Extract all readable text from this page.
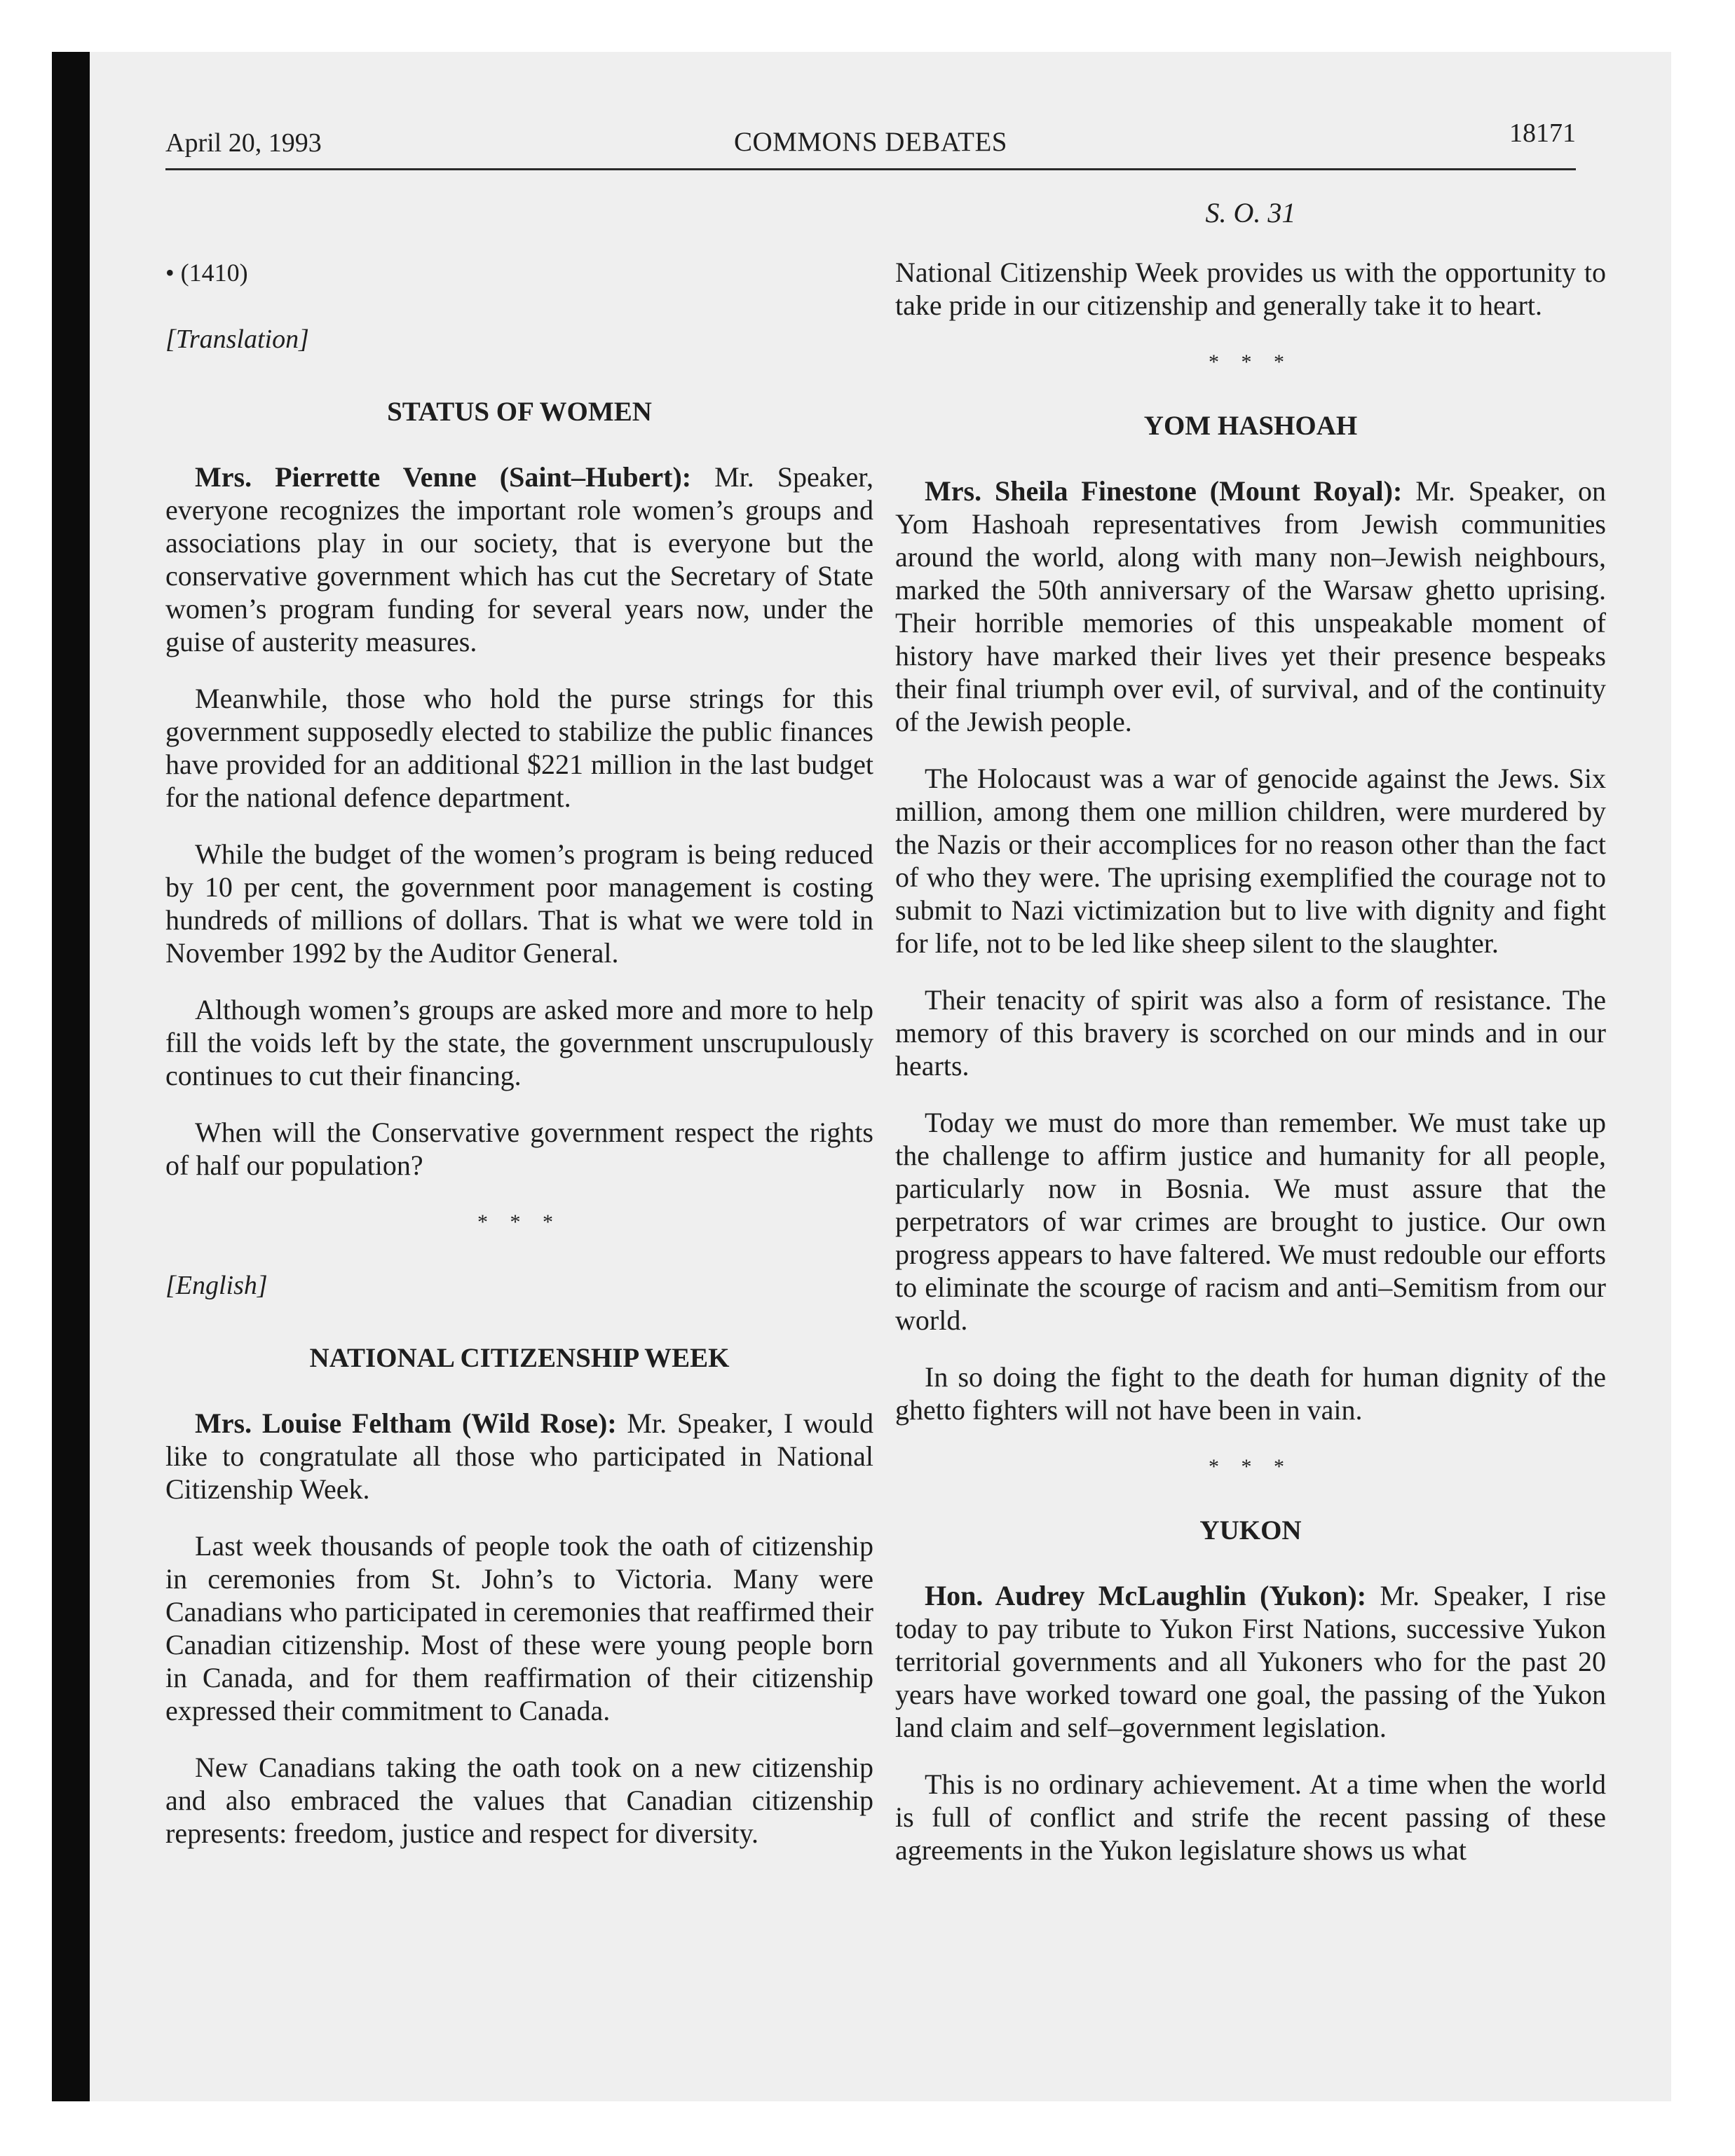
April 20, 1993	COMMONS DEBATES	18171
• (1410)
[Translation]
STATUS OF WOMEN

Mrs. Pierrette Venne (Saint–Hubert): Mr. Speaker, everyone recognizes the important role women’s groups and associations play in our society, that is everyone but the conservative government which has cut the Secretary of State women’s program funding for several years now, under the guise of austerity measures.

Meanwhile, those who hold the purse strings for this government supposedly elected to stabilize the public finances have provided for an additional $221 million in the last budget for the national defence department.

While the budget of the women’s program is being reduced by 10 per cent, the government poor management is costing hundreds of millions of dollars. That is what we were told in November 1992 by the Auditor General.

Although women’s groups are asked more and more to help fill the voids left by the state, the government unscrupulously continues to cut their financing.

When will the Conservative government respect the rights of half our population?

* * *
[English]
NATIONAL CITIZENSHIP WEEK

Mrs. Louise Feltham (Wild Rose): Mr. Speaker, I would like to congratulate all those who participated in National Citizenship Week.

Last week thousands of people took the oath of citizenship in ceremonies from St. John’s to Victoria. Many were Canadians who participated in ceremonies that reaffirmed their Canadian citizenship. Most of these were young people born in Canada, and for them reaffirmation of their citizenship expressed their commitment to Canada.

New Canadians taking the oath took on a new citizenship and also embraced the values that Canadian citizenship represents: freedom, justice and respect for diversity.

S. O. 31

National Citizenship Week provides us with the opportunity to take pride in our citizenship and generally take it to heart.

* * *
YOM HASHOAH

Mrs. Sheila Finestone (Mount Royal): Mr. Speaker, on Yom Hashoah representatives from Jewish communities around the world, along with many non–Jewish neighbours, marked the 50th anniversary of the Warsaw ghetto uprising. Their horrible memories of this unspeakable moment of history have marked their lives yet their presence bespeaks their final triumph over evil, of survival, and of the continuity of the Jewish people.

The Holocaust was a war of genocide against the Jews. Six million, among them one million children, were murdered by the Nazis or their accomplices for no reason other than the fact of who they were. The uprising exemplified the courage not to submit to Nazi victimization but to live with dignity and fight for life, not to be led like sheep silent to the slaughter.

Their tenacity of spirit was also a form of resistance. The memory of this bravery is scorched on our minds and in our hearts.

Today we must do more than remember. We must take up the challenge to affirm justice and humanity for all people, particularly now in Bosnia. We must assure that the perpetrators of war crimes are brought to justice. Our own progress appears to have faltered. We must redouble our efforts to eliminate the scourge of racism and anti–Semitism from our world.

In so doing the fight to the death for human dignity of the ghetto fighters will not have been in vain.

* * *
YUKON

Hon. Audrey McLaughlin (Yukon): Mr. Speaker, I rise today to pay tribute to Yukon First Nations, successive Yukon territorial governments and all Yukoners who for the past 20 years have worked toward one goal, the passing of the Yukon land claim and self–government legislation.

This is no ordinary achievement. At a time when the world is full of conflict and strife the recent passing of these agreements in the Yukon legislature shows us what
